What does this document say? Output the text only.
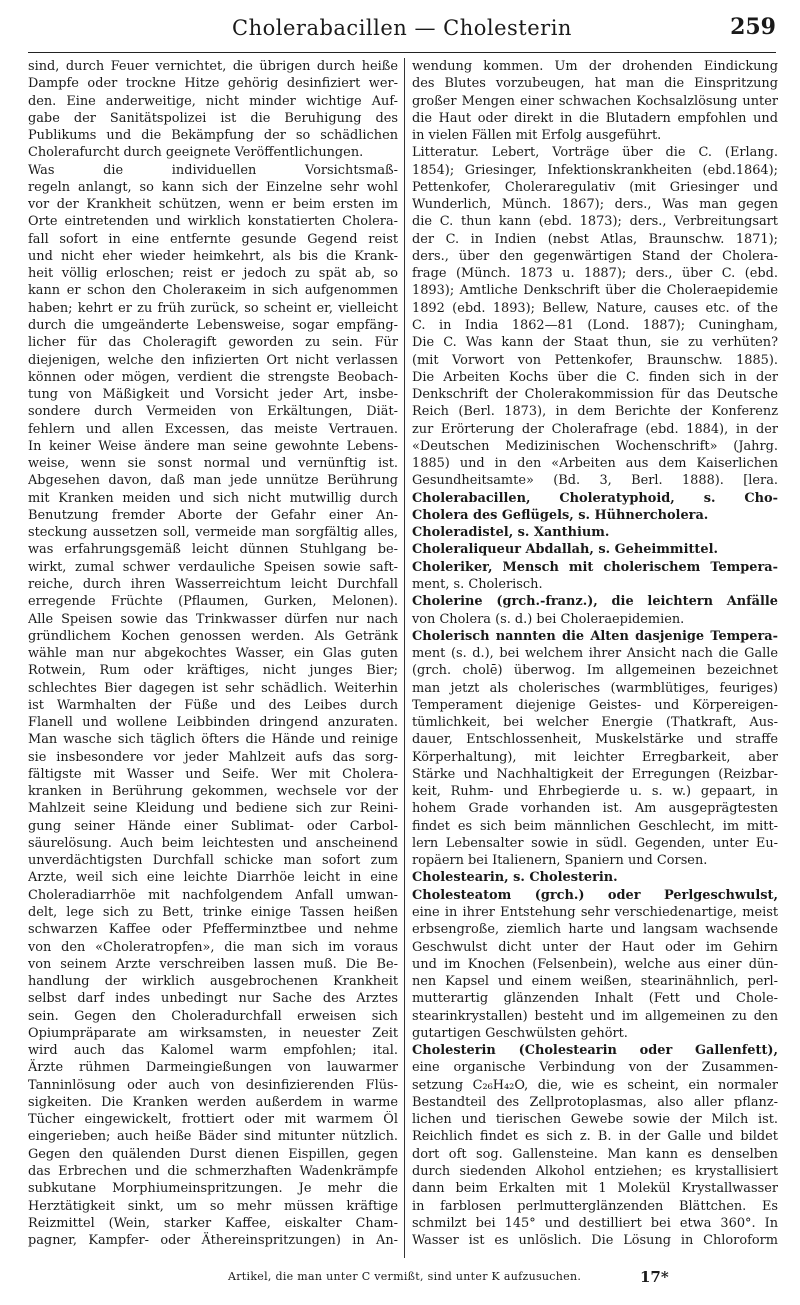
Cholerabacillen — Cholesterin	259
sind, durch Feuer vernichtet, die übrigen durch heiße
Dampfe oder trockne Hitze gehörig desinfiziert wer-
den. Eine anderweitige, nicht minder wichtige Auf-
gabe der Sanitätspolizei ist die Beruhigung des
Publikums und die Bekämpfung der so schädlichen
Cholerafurcht durch geeignete Veröffentlichungen.
Was die individuellen Vorsichtsmaß-
regeln anlangt, so kann sich der Einzelne sehr wohl
vor der Krankheit schützen, wenn er beim ersten im
Orte eintretenden und wirklich konstatierten Cholera-
fall sofort in eine entfernte gesunde Gegend reist
und nicht eher wieder heimkehrt, als bis die Krank-
heit völlig erloschen; reist er jedoch zu spät ab, so
kann er schon den Choleraкeim in sich aufgenommen
haben; kehrt er zu früh zurück, so scheint er, vielleicht
durch die umgeänderte Lebensweise, sogar empfäng-
licher für das Choleragift geworden zu sein. Für
diejenigen, welche den infizierten Ort nicht verlassen
können oder mögen, verdient die strengste Beobach-
tung von Mäßigkeit und Vorsicht jeder Art, insbe-
sondere durch Vermeiden von Erkältungen, Diät-
fehlern und allen Excessen, das meiste Vertrauen.
In keiner Weise ändere man seine gewohnte Lebens-
weise, wenn sie sonst normal und vernünftig ist.
Abgesehen davon, daß man jede unnütze Berührung
mit Kranken meiden und sich nicht mutwillig durch
Benutzung fremder Aborte der Gefahr einer An-
steckung aussetzen soll, vermeide man sorgfältig alles,
was erfahrungsgemäß leicht dünnen Stuhlgang be-
wirkt, zumal schwer verdauliche Speisen sowie saft-
reiche, durch ihren Wasserreichtum leicht Durchfall
erregende Früchte (Pflaumen, Gurken, Melonen).
Alle Speisen sowie das Trinkwasser dürfen nur nach
gründlichem Kochen genossen werden. Als Getränk
wähle man nur abgekochtes Wasser, ein Glas guten
Rotwein, Rum oder kräftiges, nicht junges Bier;
schlechtes Bier dagegen ist sehr schädlich. Weiterhin
ist Warmhalten der Füße und des Leibes durch
Flanell und wollene Leibbinden dringend anzuraten.
Man wasche sich täglich öfters die Hände und reinige
sie insbesondere vor jeder Mahlzeit aufs das sorg-
fältigste mit Wasser und Seife. Wer mit Cholera-
kranken in Berührung gekommen, wechsele vor der
Mahlzeit seine Kleidung und bediene sich zur Reini-
gung seiner Hände einer Sublimat- oder Carbol-
säurelösung. Auch beim leichtesten und anscheinend
unverdächtigsten Durchfall schicke man sofort zum
Arzte, weil sich eine leichte Diarrhöe leicht in eine
Choleradiarrhöe mit nachfolgendem Anfall umwan-
delt, lege sich zu Bett, trinke einige Tassen heißen
schwarzen Kaffee oder Pfefferminztbee und nehme
von den «Choleratropfen», die man sich im voraus
von seinem Arzte verschreiben lassen muß. Die Be-
handlung der wirklich ausgebrochenen Krankheit
selbst darf indes unbedingt nur Sache des Arztes
sein. Gegen den Choleradurchfall erweisen sich
Opiumpräparate am wirksamsten, in neuester Zeit
wird auch das Kalomel warm empfohlen; ital.
Ärzte rühmen Darmeingießungen von lauwarmer
Tanninlösung oder auch von desinfizierenden Flüs-
sigkeiten. Die Kranken werden außerdem in warme
Tücher eingewickelt, frottiert oder mit warmem Öl
eingerieben; auch heiße Bäder sind mitunter nützlich.
Gegen den quälenden Durst dienen Eispillen, gegen
das Erbrechen und die schmerzhaften Wadenkrämpfe
subkutane Morphiumeinspritzungen. Je mehr die
Herztätigkeit sinkt, um so mehr müssen kräftige
Reizmittel (Wein, starker Kaffee, eiskalter Cham-
pagner, Kampfer- oder Äthereinspritzungen) in An-
wendung kommen. Um der drohenden Eindickung
des Blutes vorzubeugen, hat man die Einspritzung
großer Mengen einer schwachen Kochsalzlösung unter
die Haut oder direkt in die Blutadern empfohlen und
in vielen Fällen mit Erfolg ausgeführt.
Litteratur. Lebert, Vorträge über die C. (Erlang.
1854); Griesinger, Infektionskrankheiten (ebd.1864);
Pettenkofer, Choleraregulativ (mit Griesinger und
Wunderlich, Münch. 1867); ders., Was man gegen
die C. thun kann (ebd. 1873); ders., Verbreitungsart
der C. in Indien (nebst Atlas, Braunschw. 1871);
ders., über den gegenwärtigen Stand der Cholera-
frage (Münch. 1873 u. 1887); ders., über C. (ebd.
1893); Amtliche Denkschrift über die Choleraepidemie
1892 (ebd. 1893); Bellew, Nature, causes etc. of the
C. in India 1862—81 (Lond. 1887); Cuningham,
Die C. Was kann der Staat thun, sie zu verhüten?
(mit Vorwort von Pettenkofer, Braunschw. 1885).
Die Arbeiten Kochs über die C. finden sich in der
Denkschrift der Cholerakommission für das Deutsche
Reich (Berl. 1873), in dem Berichte der Konferenz
zur Erörterung der Cholerafrage (ebd. 1884), in der
«Deutschen Medizinischen Wochenschrift» (Jahrg.
1885) und in den «Arbeiten aus dem Kaiserlichen
Gesundheitsamte» (Bd. 3, Berl. 1888). [lera.
Cholerabacillen, Choleratyphoid, s. Cho-
Cholera des Geflügels, s. Hühnercholera.
Choleradistel, s. Xanthium.
Choleraliqueur Abdallah, s. Geheimmittel.
Choleriker, Mensch mit cholerischem Tempera-
ment, s. Cholerisch.
Cholerine (grch.-franz.), die leichtern Anfälle
von Cholera (s. d.) bei Choleraepidemien.
Cholerisch nannten die Alten dasjenige Tempera-
ment (s. d.), bei welchem ihrer Ansicht nach die Galle
(grch. cholē) überwog. Im allgemeinen bezeichnet
man jetzt als cholerisches (warmblütiges, feuriges)
Temperament diejenige Geistes- und Körpereigen-
tümlichkeit, bei welcher Energie (Thatkraft, Aus-
dauer, Entschlossenheit, Muskelstärke und straffe
Körperhaltung), mit leichter Erregbarkeit, aber
Stärke und Nachhaltigkeit der Erregungen (Reizbar-
keit, Ruhm- und Ehrbegierde u. s. w.) gepaart, in
hohem Grade vorhanden ist. Am ausgeprägtesten
findet es sich beim männlichen Geschlecht, im mitt-
lern Lebensalter sowie in südl. Gegenden, unter Eu-
ropäern bei Italienern, Spaniern und Corsen.
Cholestearin, s. Cholesterin.
Cholesteatom (grch.) oder Perlgeschwulst,
eine in ihrer Entstehung sehr verschiedenartige, meist
erbsengroße, ziemlich harte und langsam wachsende
Geschwulst dicht unter der Haut oder im Gehirn
und im Knochen (Felsenbein), welche aus einer dün-
nen Kapsel und einem weißen, stearinähnlich, perl-
mutterartig glänzenden Inhalt (Fett und Chole-
stearinkrystallen) besteht und im allgemeinen zu den
gutartigen Geschwülsten gehört.
Cholesterin (Cholestearin oder Gallenfett),
eine organische Verbindung von der Zusammen-
setzung C₂₆H₄₂O, die, wie es scheint, ein normaler
Bestandteil des Zellprotoplasmas, also aller pflanz-
lichen und tierischen Gewebe sowie der Milch ist.
Reichlich findet es sich z. B. in der Galle und bildet
dort oft sog. Gallensteine. Man kann es denselben
durch siedenden Alkohol entziehen; es krystallisiert
dann beim Erkalten mit 1 Molekül Krystallwasser
in farblosen perlmutterglänzenden Blättchen. Es
schmilzt bei 145° und destilliert bei etwa 360°. In
Wasser ist es unlöslich. Die Lösung in Chloroform
Artikel, die man unter C vermißt, sind unter K aufzusuchen.	17*
